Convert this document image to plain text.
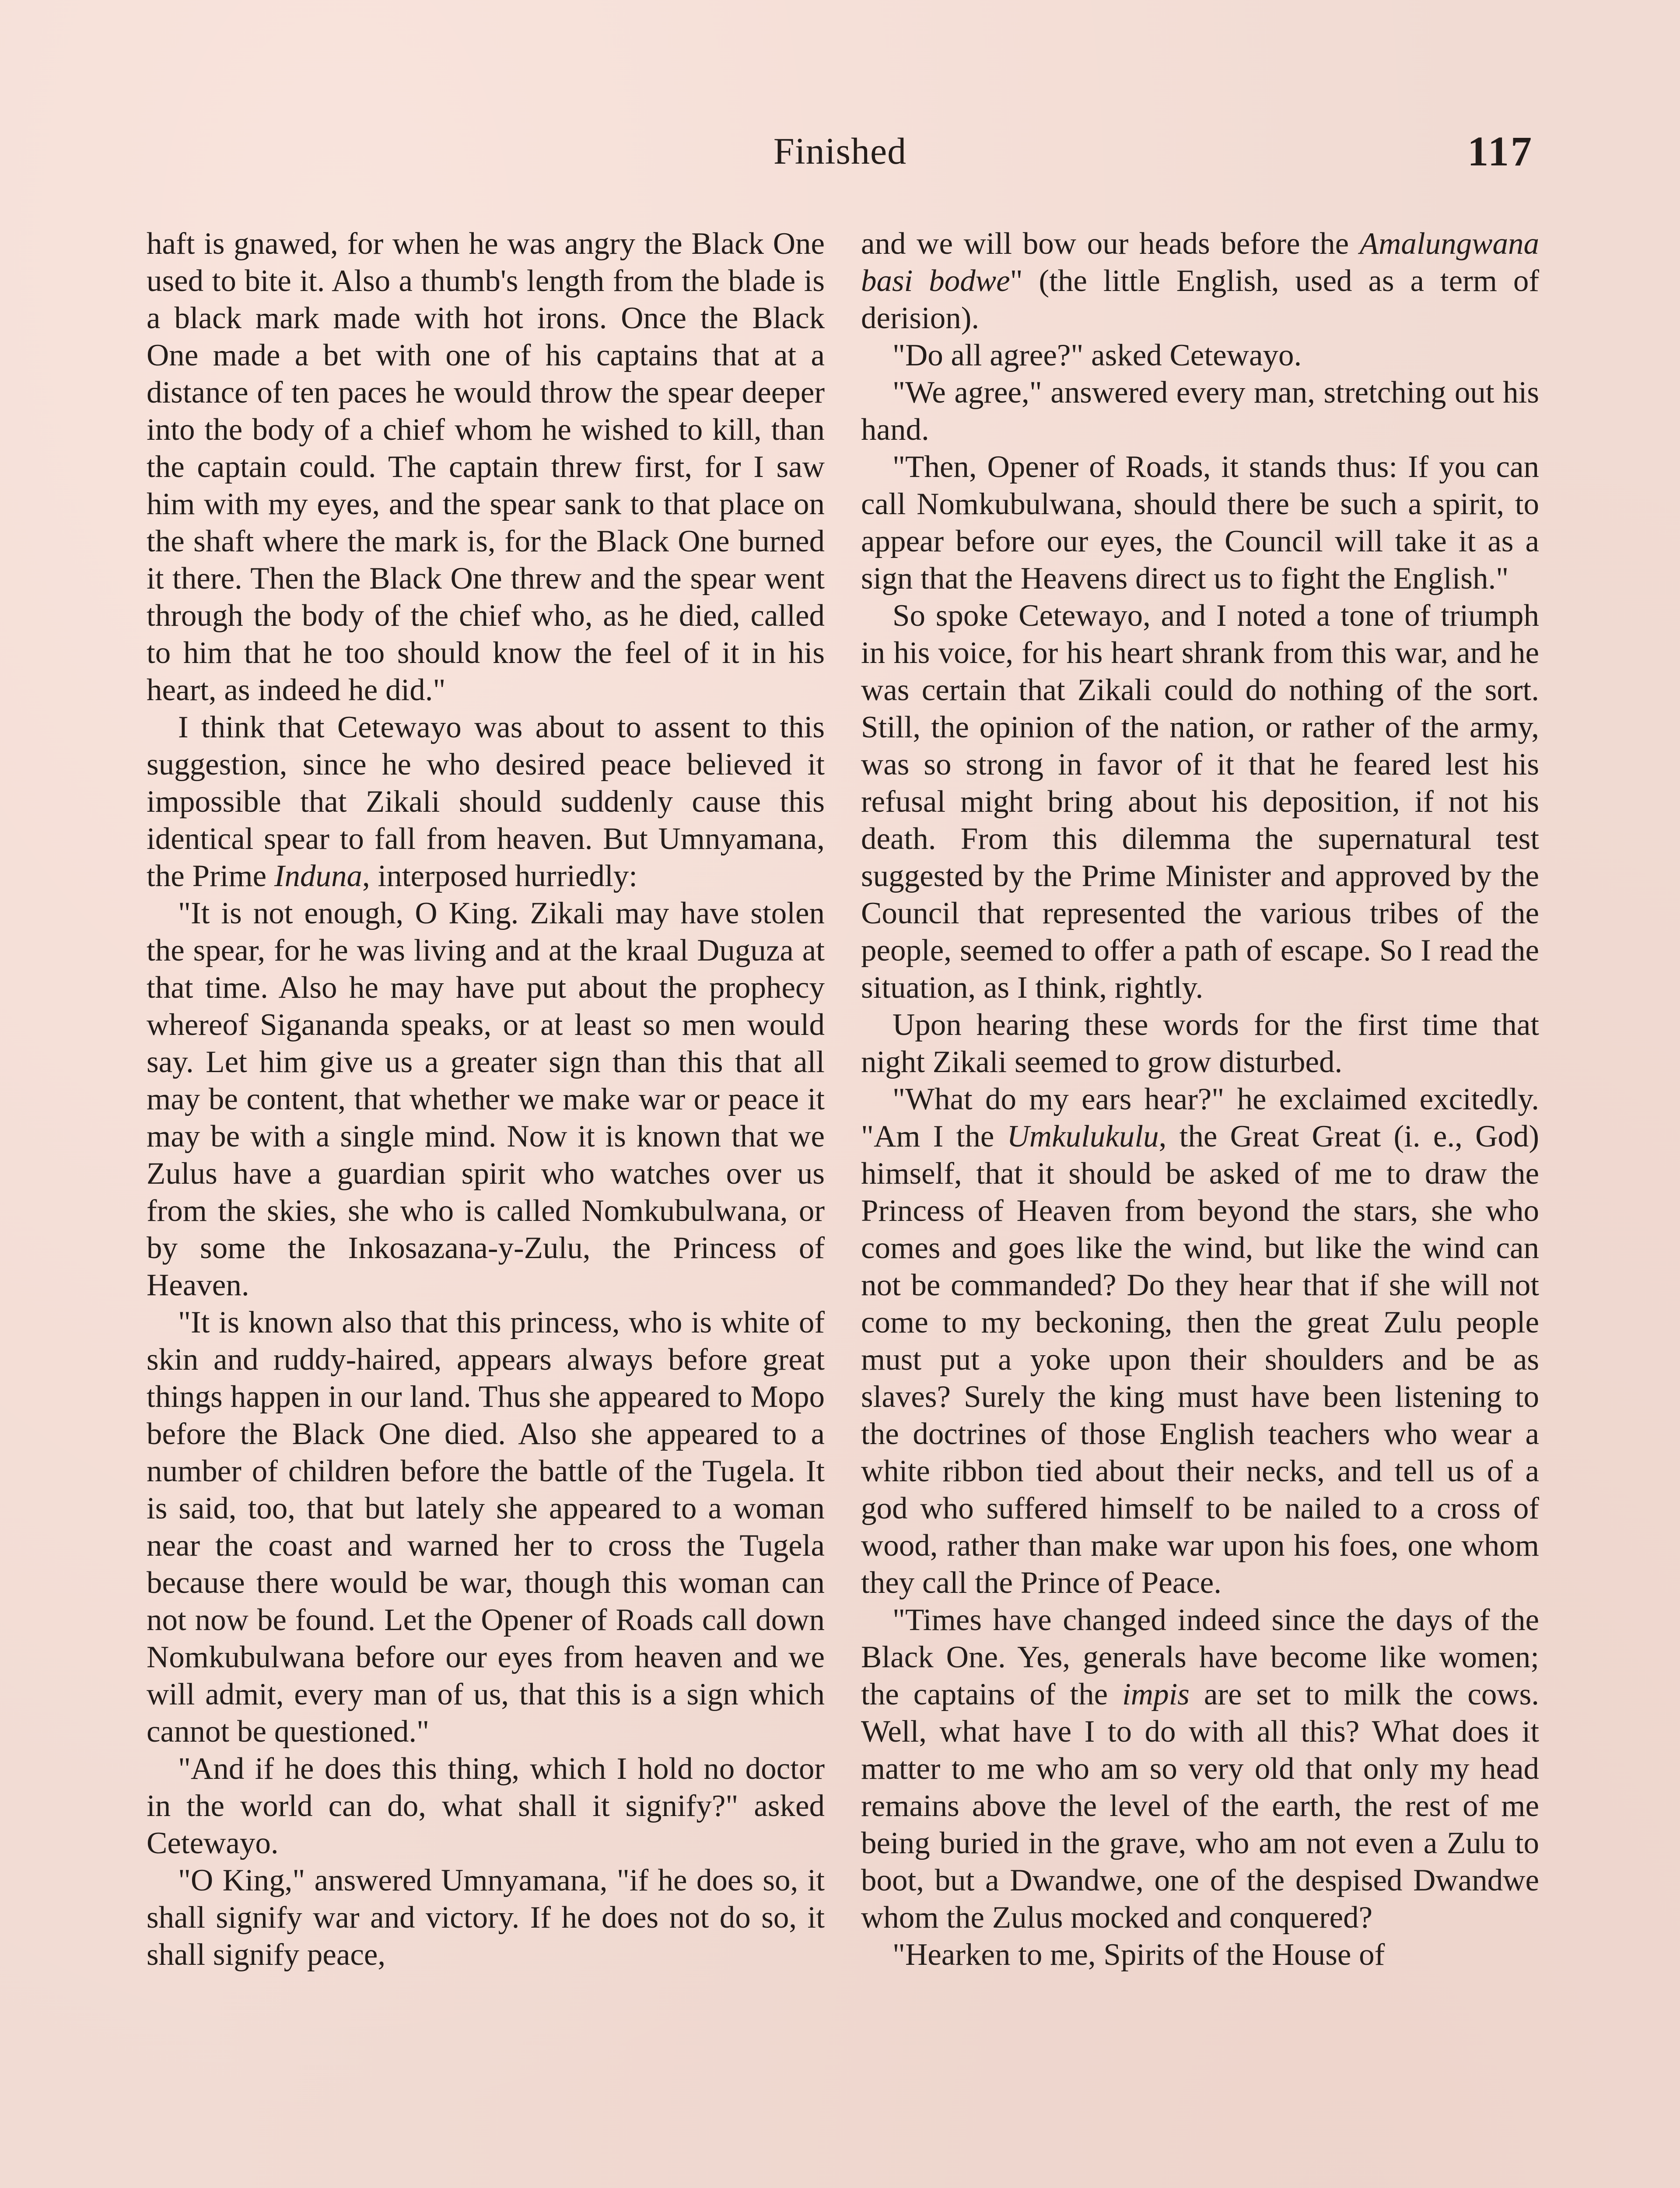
Finished	117

haft is gnawed, for when he was angry the Black One used to bite it. Also a thumb's length from the blade is a black mark made with hot irons. Once the Black One made a bet with one of his captains that at a distance of ten paces he would throw the spear deeper into the body of a chief whom he wished to kill, than the captain could. The captain threw first, for I saw him with my eyes, and the spear sank to that place on the shaft where the mark is, for the Black One burned it there. Then the Black One threw and the spear went through the body of the chief who, as he died, called to him that he too should know the feel of it in his heart, as indeed he did."

I think that Cetewayo was about to assent to this suggestion, since he who desired peace believed it impossible that Zikali should suddenly cause this identical spear to fall from heaven. But Umnyamana, the Prime Induna, interposed hurriedly:

"It is not enough, O King. Zikali may have stolen the spear, for he was living and at the kraal Duguza at that time. Also he may have put about the prophecy whereof Sigananda speaks, or at least so men would say. Let him give us a greater sign than this that all may be content, that whether we make war or peace it may be with a single mind. Now it is known that we Zulus have a guardian spirit who watches over us from the skies, she who is called Nomkubulwana, or by some the Inkosazana-y-Zulu, the Princess of Heaven.

"It is known also that this princess, who is white of skin and ruddy-haired, appears always before great things happen in our land. Thus she appeared to Mopo before the Black One died. Also she appeared to a number of children before the battle of the Tugela. It is said, too, that but lately she appeared to a woman near the coast and warned her to cross the Tugela because there would be war, though this woman can not now be found. Let the Opener of Roads call down Nomkubulwana before our eyes from heaven and we will admit, every man of us, that this is a sign which cannot be questioned."

"And if he does this thing, which I hold no doctor in the world can do, what shall it signify?" asked Cetewayo.

"O King," answered Umnyamana, "if he does so, it shall signify war and victory. If he does not do so, it shall signify peace,

and we will bow our heads before the Amalungwana basi bodwe" (the little English, used as a term of derision).

"Do all agree?" asked Cetewayo.

"We agree," answered every man, stretching out his hand.

"Then, Opener of Roads, it stands thus: If you can call Nomkubulwana, should there be such a spirit, to appear before our eyes, the Council will take it as a sign that the Heavens direct us to fight the English."

So spoke Cetewayo, and I noted a tone of triumph in his voice, for his heart shrank from this war, and he was certain that Zikali could do nothing of the sort. Still, the opinion of the nation, or rather of the army, was so strong in favor of it that he feared lest his refusal might bring about his deposition, if not his death. From this dilemma the supernatural test suggested by the Prime Minister and approved by the Council that represented the various tribes of the people, seemed to offer a path of escape. So I read the situation, as I think, rightly.

Upon hearing these words for the first time that night Zikali seemed to grow disturbed.

"What do my ears hear?" he exclaimed excitedly. "Am I the Umkulukulu, the Great Great (i. e., God) himself, that it should be asked of me to draw the Princess of Heaven from beyond the stars, she who comes and goes like the wind, but like the wind can not be commanded? Do they hear that if she will not come to my beckoning, then the great Zulu people must put a yoke upon their shoulders and be as slaves? Surely the king must have been listening to the doctrines of those English teachers who wear a white ribbon tied about their necks, and tell us of a god who suffered himself to be nailed to a cross of wood, rather than make war upon his foes, one whom they call the Prince of Peace.

"Times have changed indeed since the days of the Black One. Yes, generals have become like women; the captains of the impis are set to milk the cows. Well, what have I to do with all this? What does it matter to me who am so very old that only my head remains above the level of the earth, the rest of me being buried in the grave, who am not even a Zulu to boot, but a Dwandwe, one of the despised Dwandwe whom the Zulus mocked and conquered?

"Hearken to me, Spirits of the House of
